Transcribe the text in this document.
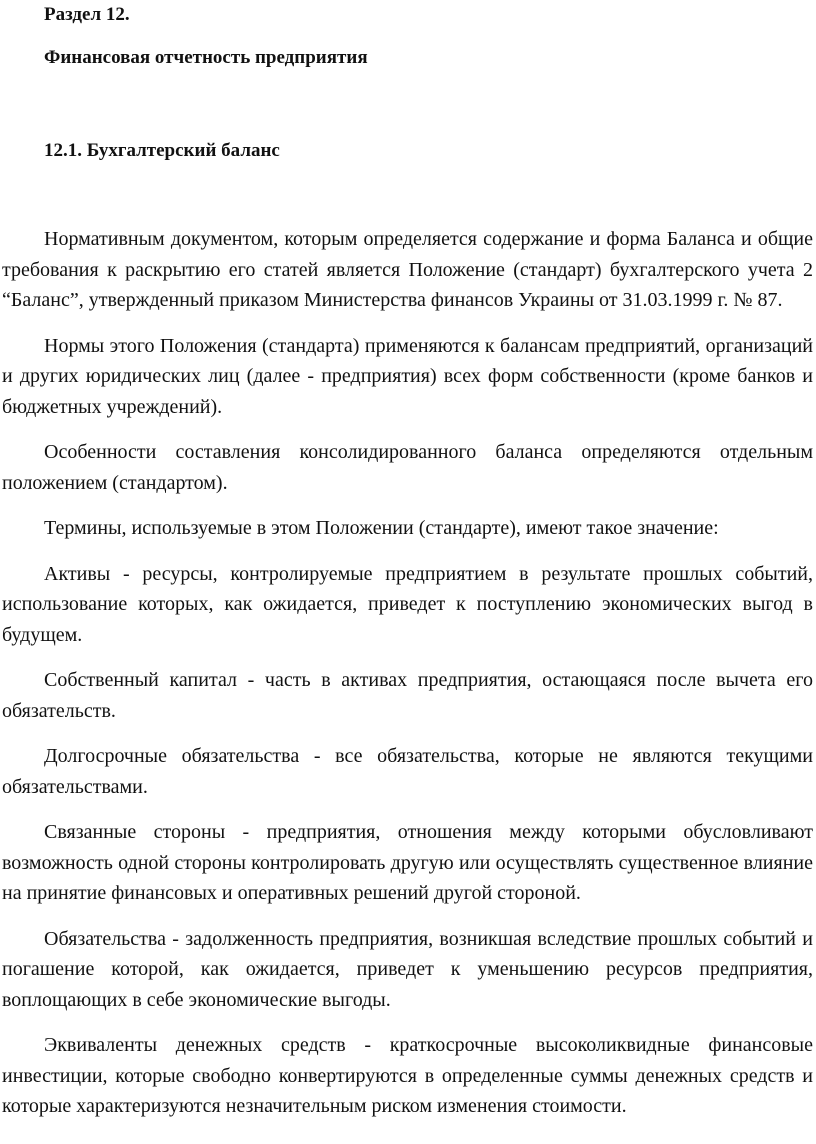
Раздел 12.

Финансовая отчетность предприятия

12.1. Бухгалтерский баланс

Нормативным документом, которым определяется содержание и форма Баланса и общие требования к раскрытию его статей является Положение (стандарт) бухгалтерского учета 2 “Баланс”, утвержденный приказом Министерства финансов Украины от 31.03.1999 г. № 87.

Нормы этого Положения (стандарта) применяются к балансам предприятий, организаций и других юридических лиц (далее - предприятия) всех форм собственности (кроме банков и бюджетных учреждений).

Особенности составления консолидированного баланса определяются отдельным положением (стандартом).

Термины, используемые в этом Положении (стандарте), имеют такое значение:

Активы - ресурсы, контролируемые предприятием в результате прошлых событий, использование которых, как ожидается, приведет к поступлению экономических выгод в будущем.

Собственный капитал - часть в активах предприятия, остающаяся после вычета его обязательств.

Долгосрочные обязательства - все обязательства, которые не являются текущими обязательствами.

Связанные стороны - предприятия, отношения между которыми обусловливают возможность одной стороны контролировать другую или осуществлять существенное влияние на принятие финансовых и оперативных решений другой стороной.

Обязательства - задолженность предприятия, возникшая вследствие прошлых событий и погашение которой, как ожидается, приведет к уменьшению ресурсов предприятия, воплощающих в себе экономические выгоды.

Эквиваленты денежных средств - краткосрочные высоколиквидные финансовые инвестиции, которые свободно конвертируются в определенные суммы денежных средств и которые характеризуются незначительным риском изменения стоимости.
